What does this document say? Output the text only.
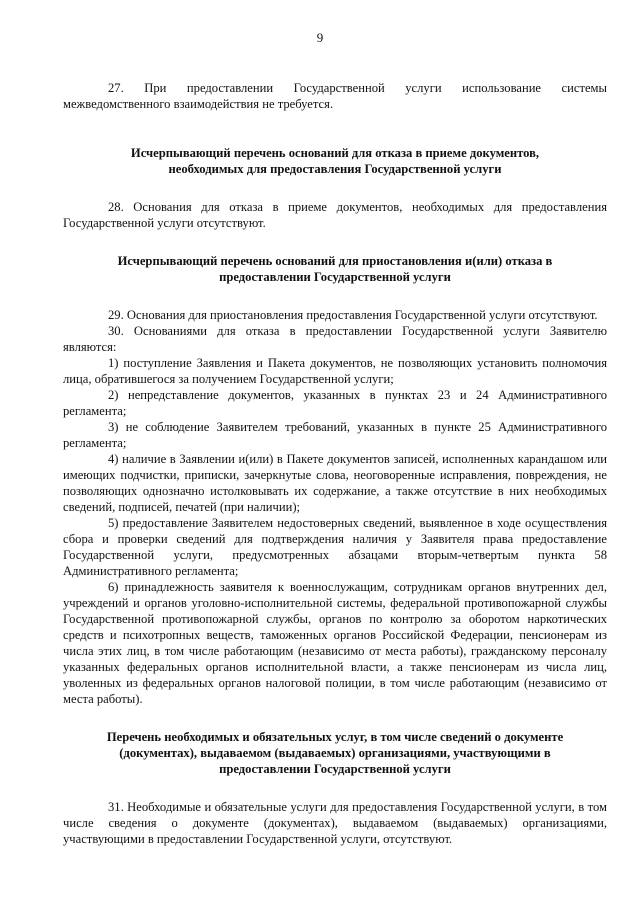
9

27. При предоставлении Государственной услуги использование системы межведомственного взаимодействия не требуется.

Исчерпывающий перечень оснований для отказа в приеме документов, необходимых для предоставления Государственной услуги

28. Основания для отказа в приеме документов, необходимых для предоставления Государственной услуги отсутствуют.

Исчерпывающий перечень оснований для приостановления и(или) отказа в предоставлении Государственной услуги

29. Основания для приостановления предоставления Государственной услуги отсутствуют.

30. Основаниями для отказа в предоставлении Государственной услуги Заявителю являются:

1) поступление Заявления и Пакета документов, не позволяющих установить полномочия лица, обратившегося за получением Государственной услуги;

2) непредставление документов, указанных в пунктах 23 и 24 Административного регламента;

3) не соблюдение Заявителем требований, указанных в пункте 25 Административного регламента;

4) наличие в Заявлении и(или) в Пакете документов записей, исполненных карандашом или имеющих подчистки, приписки, зачеркнутые слова, неоговоренные исправления, повреждения, не позволяющих однозначно истолковывать их содержание, а также отсутствие в них необходимых сведений, подписей, печатей (при наличии);

5) предоставление Заявителем недостоверных сведений, выявленное в ходе осуществления сбора и проверки сведений для подтверждения наличия у Заявителя права предоставление Государственной услуги, предусмотренных абзацами вторым-четвертым пункта 58 Административного регламента;

6) принадлежность заявителя к военнослужащим, сотрудникам органов внутренних дел, учреждений и органов уголовно-исполнительной системы, федеральной противопожарной службы Государственной противопожарной службы, органов по контролю за оборотом наркотических средств и психотропных веществ, таможенных органов Российской Федерации, пенсионерам из числа этих лиц, в том числе работающим (независимо от места работы), гражданскому персоналу указанных федеральных органов исполнительной власти, а также пенсионерам из числа лиц, уволенных из федеральных органов налоговой полиции, в том числе работающим (независимо от места работы).

Перечень необходимых и обязательных услуг, в том числе сведений о документе (документах), выдаваемом (выдаваемых) организациями, участвующими в предоставлении Государственной услуги

31. Необходимые и обязательные услуги для предоставления Государственной услуги, в том числе сведения о документе (документах), выдаваемом (выдаваемых) организациями, участвующими в предоставлении Государственной услуги, отсутствуют.
